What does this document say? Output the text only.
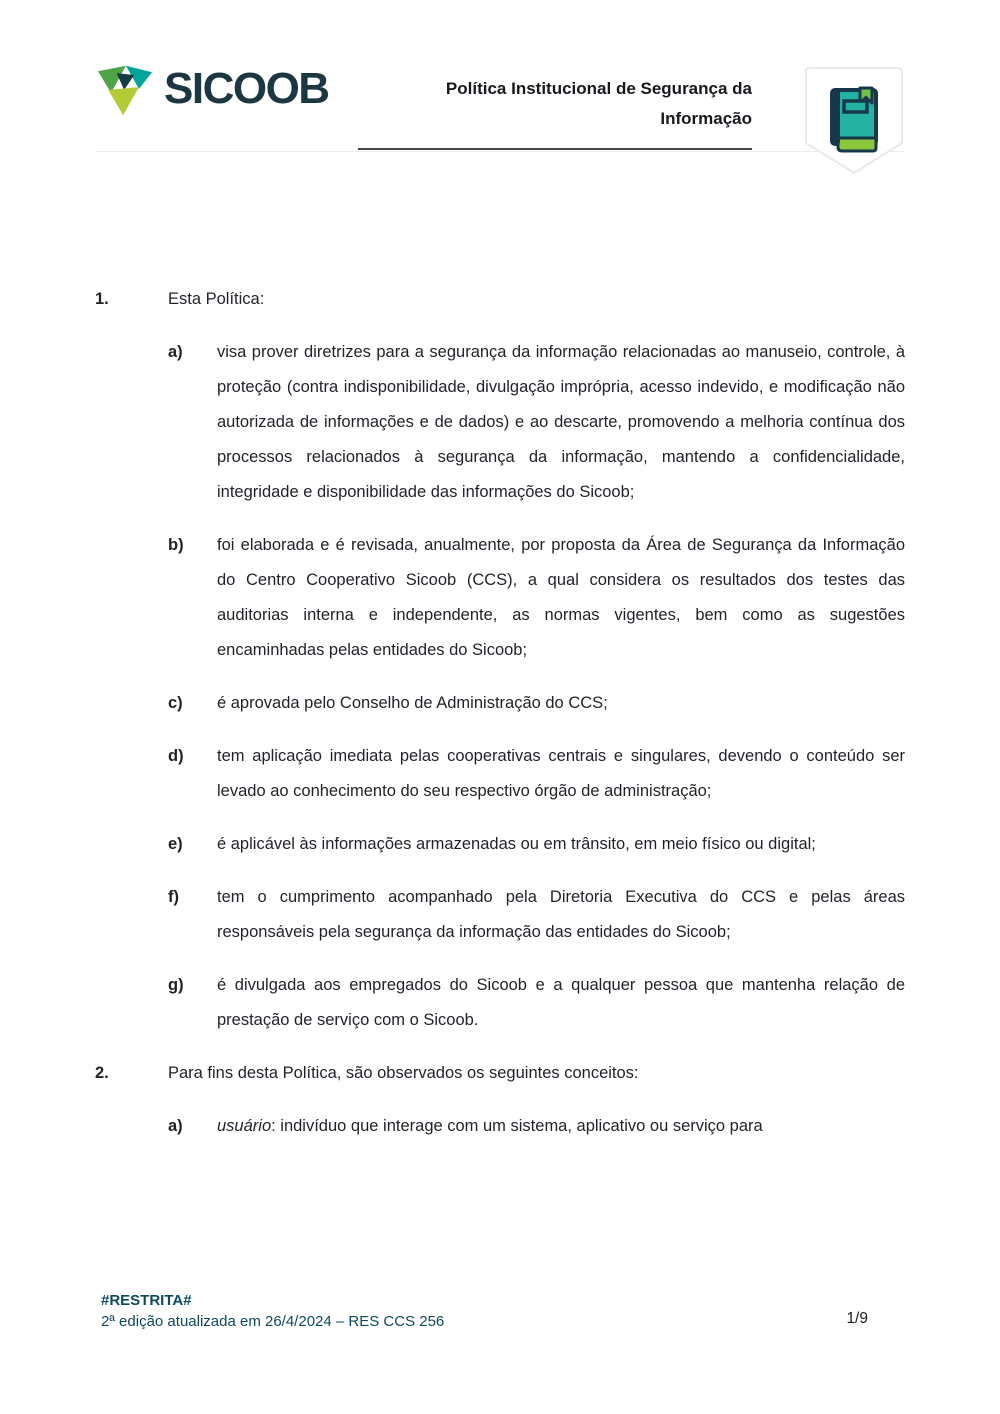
SICOOB	Política Institucional de Segurança da
Informação
1.	Esta Política:
a)	visa prover diretrizes para a segurança da informação relacionadas ao manuseio, controle, à proteção (contra indisponibilidade, divulgação imprópria, acesso indevido, e modificação não autorizada de informações e de dados) e ao descarte, promovendo a melhoria contínua dos processos relacionados à segurança da informação, mantendo a confidencialidade, integridade e disponibilidade das informações do Sicoob;
b)	foi elaborada e é revisada, anualmente, por proposta da Área de Segurança da Informação do Centro Cooperativo Sicoob (CCS), a qual considera os resultados dos testes das auditorias interna e independente, as normas vigentes, bem como as sugestões encaminhadas pelas entidades do Sicoob;
c)	é aprovada pelo Conselho de Administração do CCS;
d)	tem aplicação imediata pelas cooperativas centrais e singulares, devendo o conteúdo ser levado ao conhecimento do seu respectivo órgão de administração;
e)	é aplicável às informações armazenadas ou em trânsito, em meio físico ou digital;
f)	tem o cumprimento acompanhado pela Diretoria Executiva do CCS e pelas áreas responsáveis pela segurança da informação das entidades do Sicoob;
g)	é divulgada aos empregados do Sicoob e a qualquer pessoa que mantenha relação de prestação de serviço com o Sicoob.
2.	Para fins desta Política, são observados os seguintes conceitos:
a)	usuário: indivíduo que interage com um sistema, aplicativo ou serviço para
#RESTRITA#
2ª edição atualizada em 26/4/2024 – RES CCS 256	1/9
